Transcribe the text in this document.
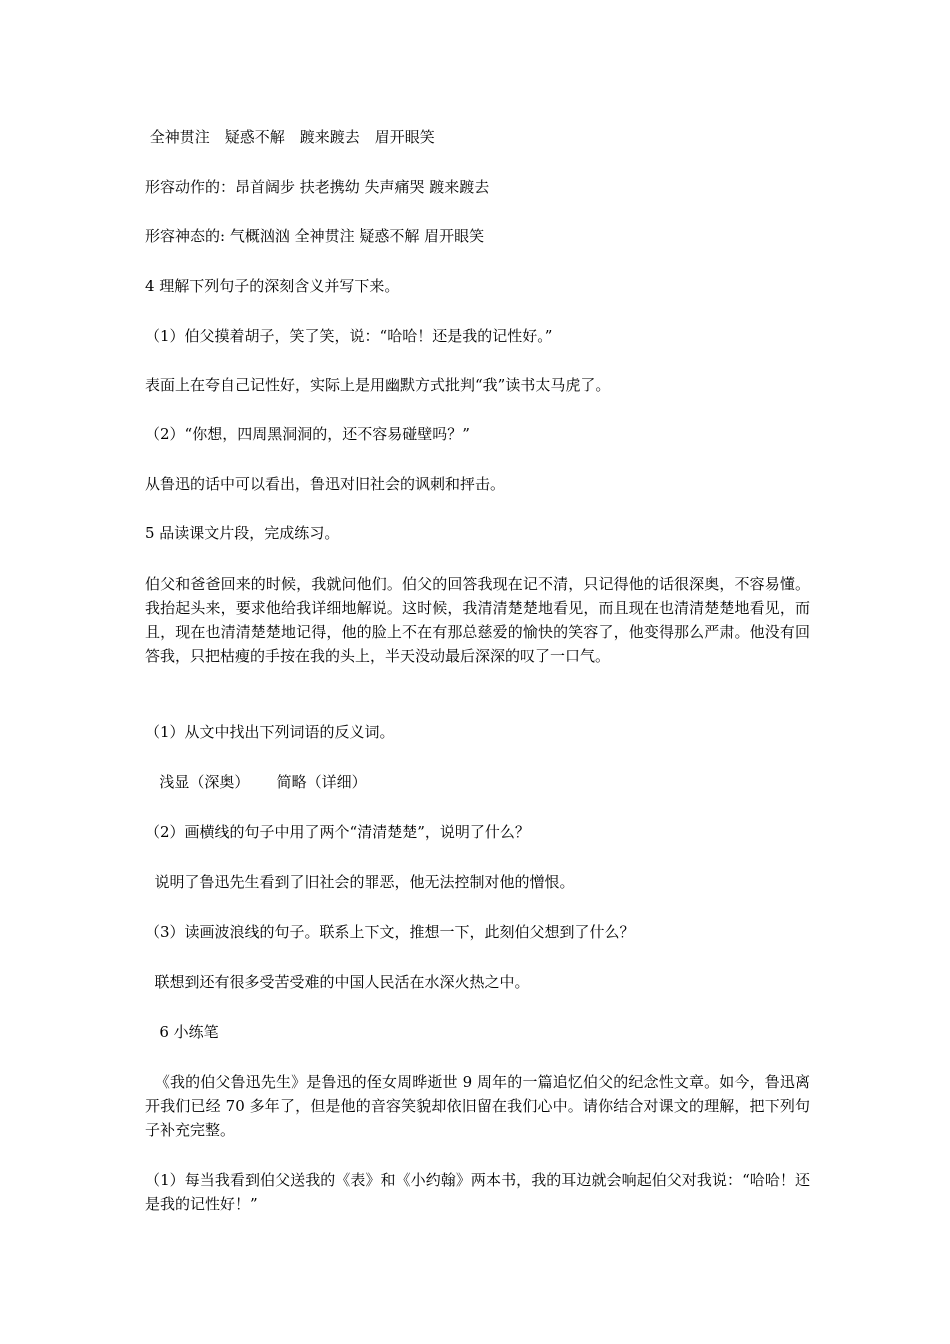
全神贯注　疑惑不解　踱来踱去　眉开眼笑

形容动作的：昂首阔步 扶老携幼 失声痛哭 踱来踱去

形容神态的: 气概汹汹 全神贯注 疑惑不解 眉开眼笑

4 理解下列句子的深刻含义并写下来。

（1）伯父摸着胡子，笑了笑，说：“哈哈！还是我的记性好。”

表面上在夸自己记性好，实际上是用幽默方式批判“我”读书太马虎了。

（2）“你想，四周黑洞洞的，还不容易碰壁吗？”

从鲁迅的话中可以看出，鲁迅对旧社会的讽刺和抨击。

5 品读课文片段，完成练习。

伯父和爸爸回来的时候，我就问他们。伯父的回答我现在记不清，只记得他的话很深奥，不容易懂。我抬起头来，要求他给我详细地解说。这时候，我清清楚楚地看见，而且现在也清清楚楚地看见，而且，现在也清清楚楚地记得，他的脸上不在有那总慈爱的愉快的笑容了，他变得那么严肃。他没有回答我，只把枯瘦的手按在我的头上，半天没动最后深深的叹了一口气。

（1）从文中找出下列词语的反义词。

浅显（深奥）　　 简略（详细）

（2）画横线的句子中用了两个“清清楚楚”，说明了什么？

说明了鲁迅先生看到了旧社会的罪恶，他无法控制对他的憎恨。

（3）读画波浪线的句子。联系上下文，推想一下，此刻伯父想到了什么？

联想到还有很多受苦受难的中国人民活在水深火热之中。

6 小练笔

《我的伯父鲁迅先生》是鲁迅的侄女周晔逝世 9 周年的一篇追忆伯父的纪念性文章。如今，鲁迅离开我们已经 70 多年了，但是他的音容笑貌却依旧留在我们心中。请你结合对课文的理解，把下列句子补充完整。

（1）每当我看到伯父送我的《表》和《小约翰》两本书，我的耳边就会响起伯父对我说：“哈哈！还是我的记性好！”
